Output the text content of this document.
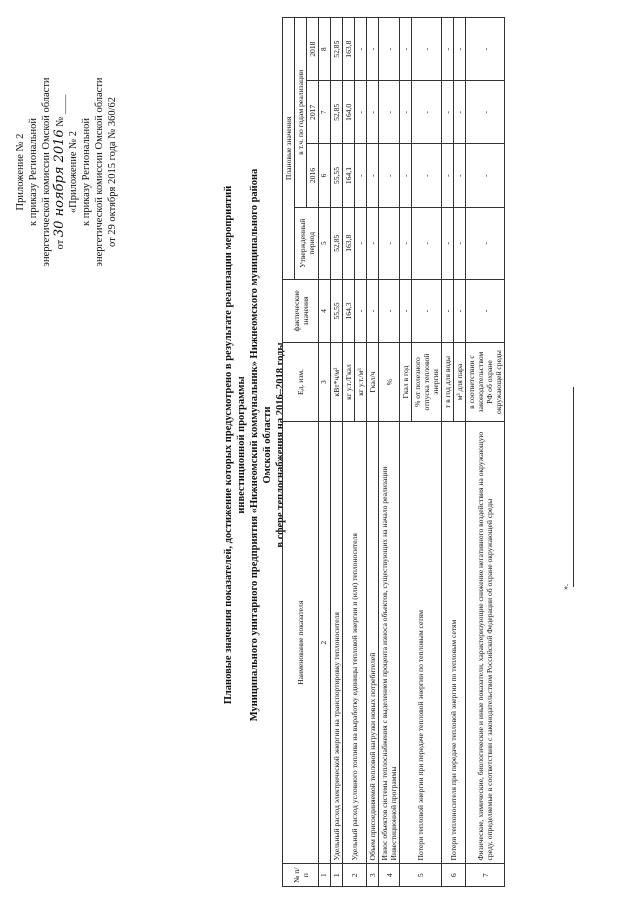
Приложение № 2 к приказу Региональной энергетической комиссии Омской области от 30 ноября 2016 № ___
«Приложение № 2 к приказу Региональной энергетической комиссии Омской области от 29 октября 2015 года № 360/62
Плановые значения показателей, достижение которых предусмотрено в результате реализации мероприятий инвестиционной программы Муниципального унитарного предприятия «Нижнеомский коммунальник» Нижнеомского муниципального района Омской области в сфере теплоснабжения на 2016–2018 годы
№ п/п	Наименование показателя	Ед. изм.	фактические значения	Плановые значения			
				Утвержденный период	в т.ч. по годам реализации		
					2016	2017	2018
1	2	3	4	5	6	7	8
1	Удельный расход электрической энергии на транспортировку теплоносителя	кВт*ч/м³	55,55	52,85	55,55	52,85	52,85
2	Удельный расход условного топлива на выработку единицы тепловой энергии и (или) теплоносителя	кг у.т./Гкал	164,3	163,8	164,1	164,0	163,8
		кг у.т./м³	-	-	-	-	-
3	Объем присоединяемой тепловой нагрузки новых потребителей	Гкал/ч	-	-	-	-	-
4	Износ объектов системы теплоснабжения с выделением процента износа объектов, существующих на начало реализации Инвестиционной программы	%	-	-	-	-	-
5	Потери тепловой энергии при передаче тепловой энергии по тепловым сетям	Гкал в год	-	-	-	-	-
		% от полезного отпуска тепловой энергии	-	-	-	-	-
6	Потери теплоносителя при передаче тепловой энергии по тепловым сетям	т в год для воды	-	-	-	-	-
		м³ для пара	-	-	-	-	-
7	Физические, химические, биологические и иные показатели, характеризующие снижение негативного воздействия на окружающую среду, определяемые в соответствии с законодательством Российской Федерации об охране окружающей среды	в соответствии с законодательством РФ об охране окружающей среды	-	-	-	-	-
».
